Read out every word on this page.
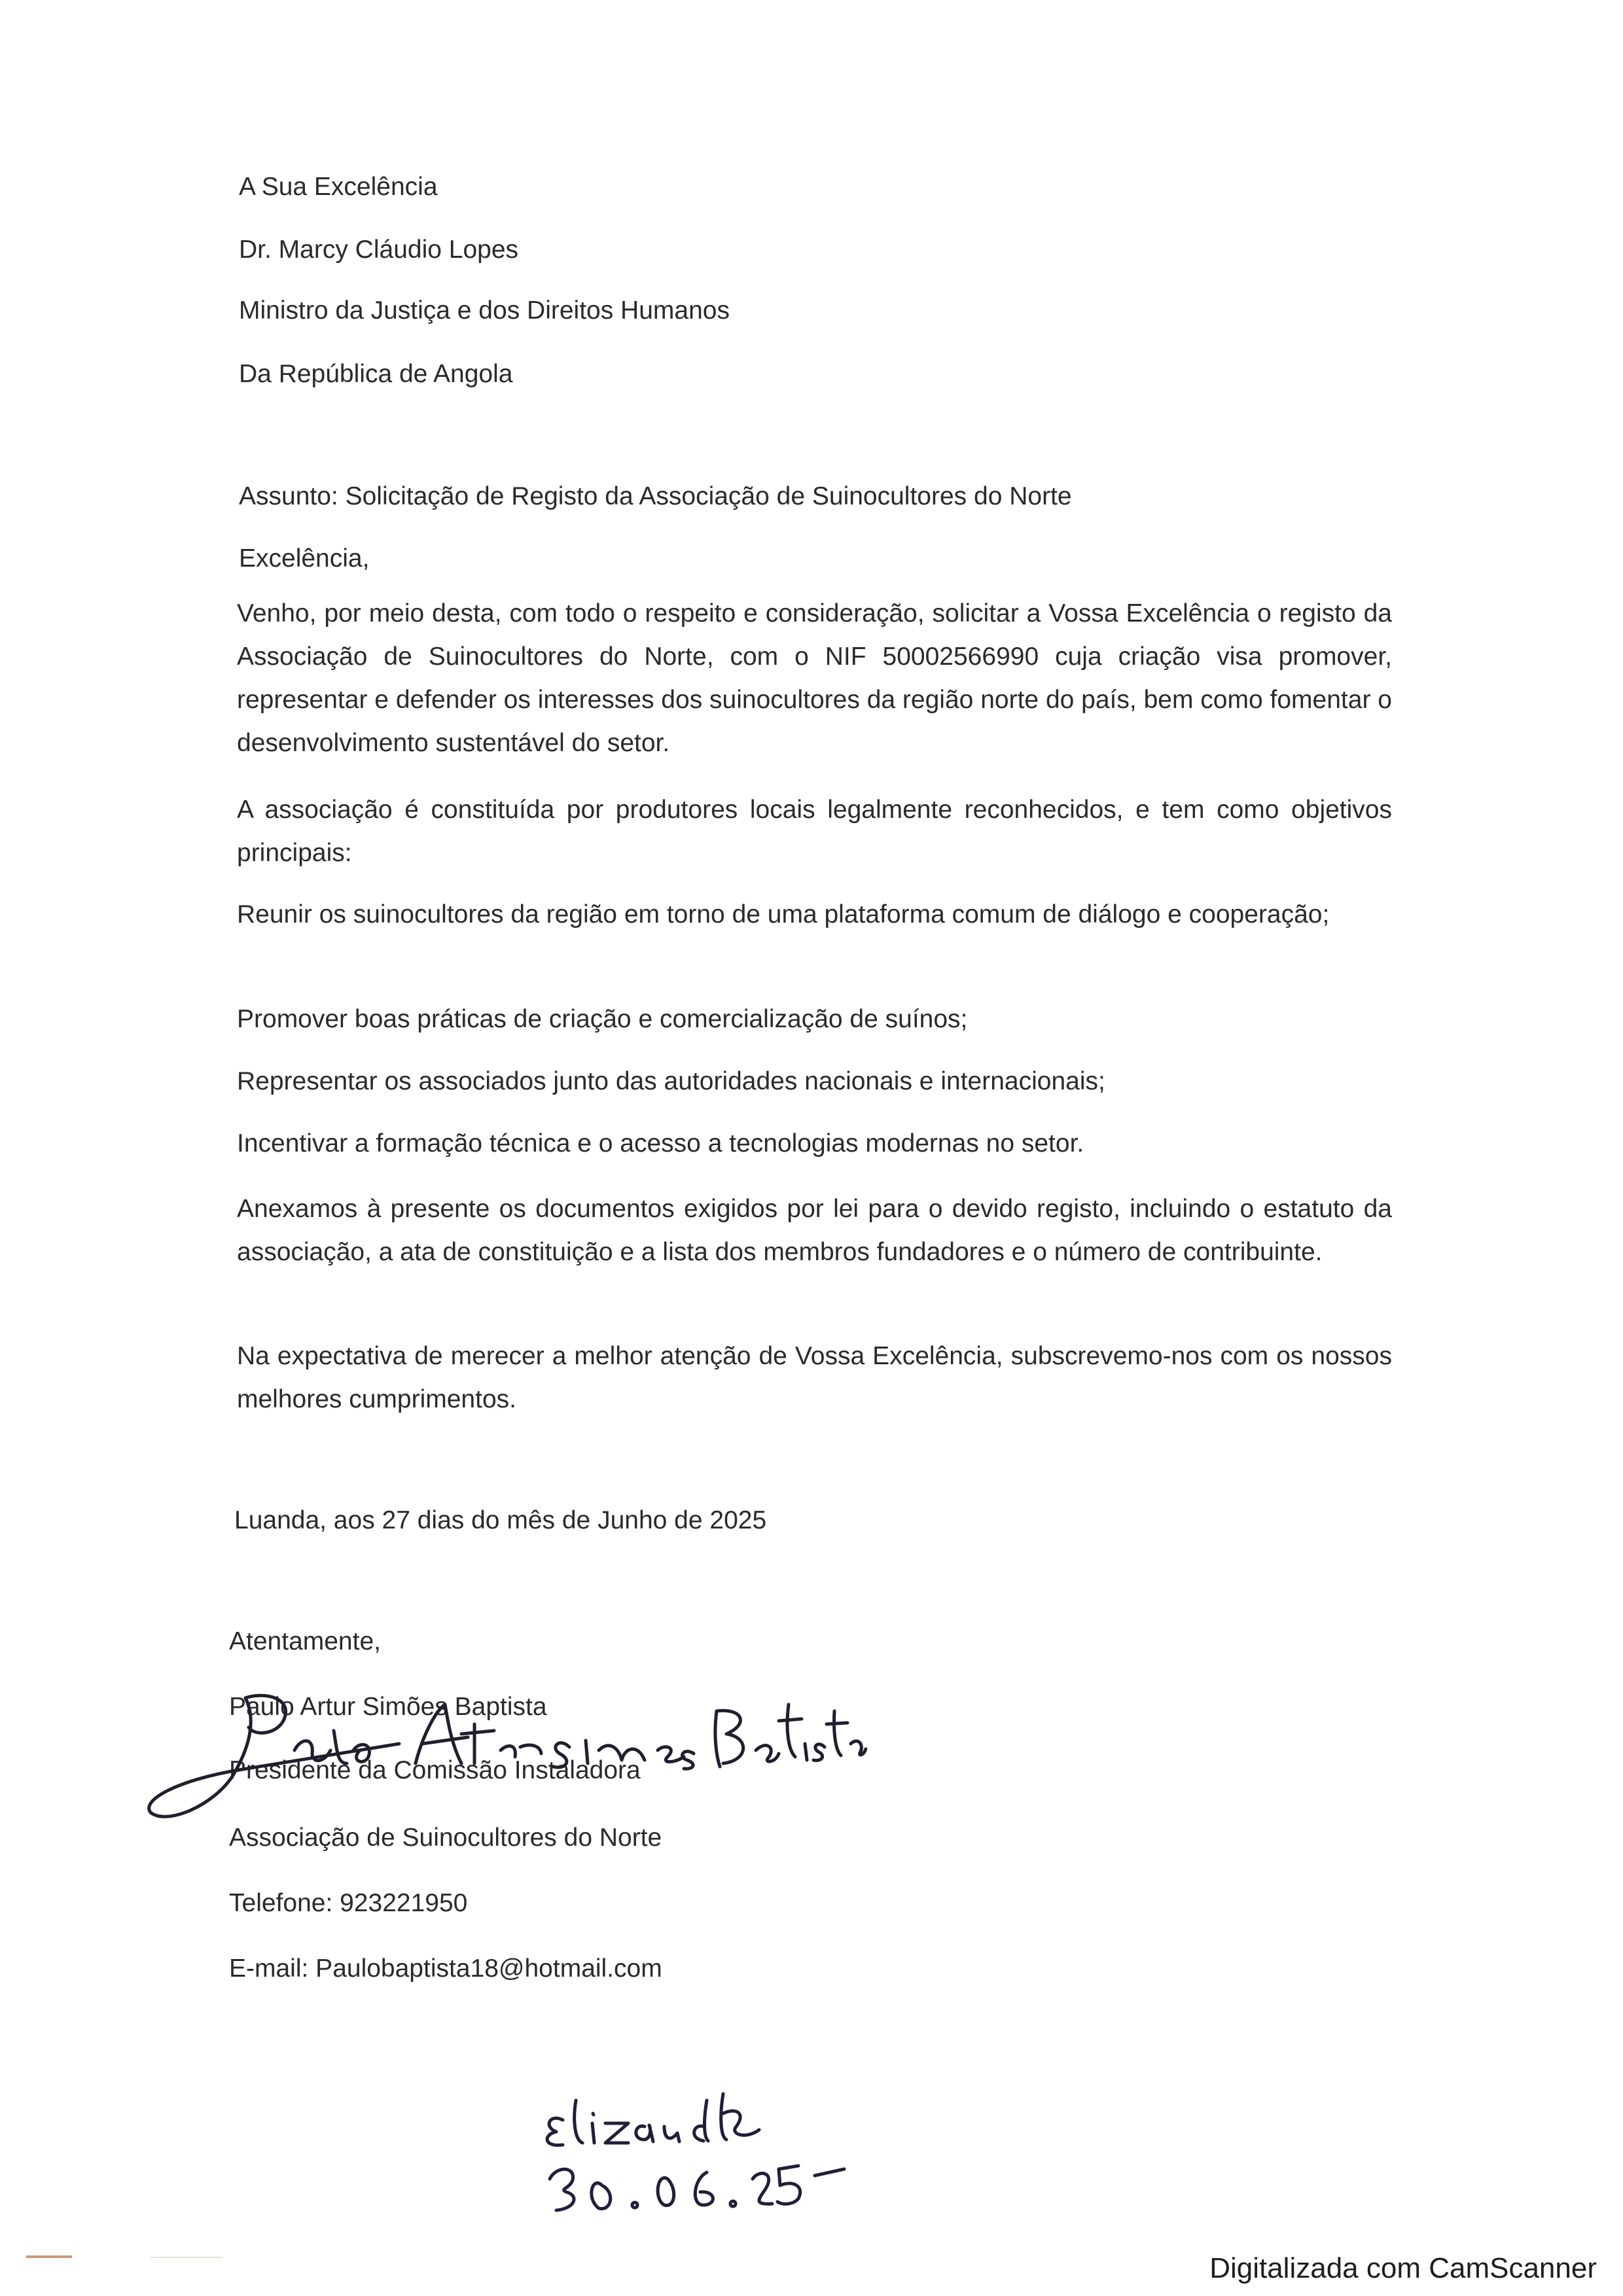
A Sua Excelência

Dr. Marcy Cláudio Lopes

Ministro da Justiça e dos Direitos Humanos

Da República de Angola

Assunto: Solicitação de Registo da Associação de Suinocultores do Norte

Excelência,

Venho, por meio desta, com todo o respeito e consideração, solicitar a Vossa Excelência o registo da Associação de Suinocultores do Norte, com o NIF 50002566990 cuja criação visa promover, representar e defender os interesses dos suinocultores da região norte do país, bem como fomentar o desenvolvimento sustentável do setor.

A associação é constituída por produtores locais legalmente reconhecidos, e tem como objetivos principais:

Reunir os suinocultores da região em torno de uma plataforma comum de diálogo e cooperação;

Promover boas práticas de criação e comercialização de suínos;

Representar os associados junto das autoridades nacionais e internacionais;

Incentivar a formação técnica e o acesso a tecnologias modernas no setor.

Anexamos à presente os documentos exigidos por lei para o devido registo, incluindo o estatuto da associação, a ata de constituição e a lista dos membros fundadores e o número de contribuinte.

Na expectativa de merecer a melhor atenção de Vossa Excelência, subscrevemo-nos com os nossos melhores cumprimentos.

Luanda, aos 27 dias do mês de Junho de 2025

Atentamente,

Paulo Artur Simões Baptista

Presidente da Comissão Instaladora

Associação de Suinocultores do Norte

Telefone: 923221950

E-mail: Paulobaptista18@hotmail.com

Digitalizada com CamScanner
